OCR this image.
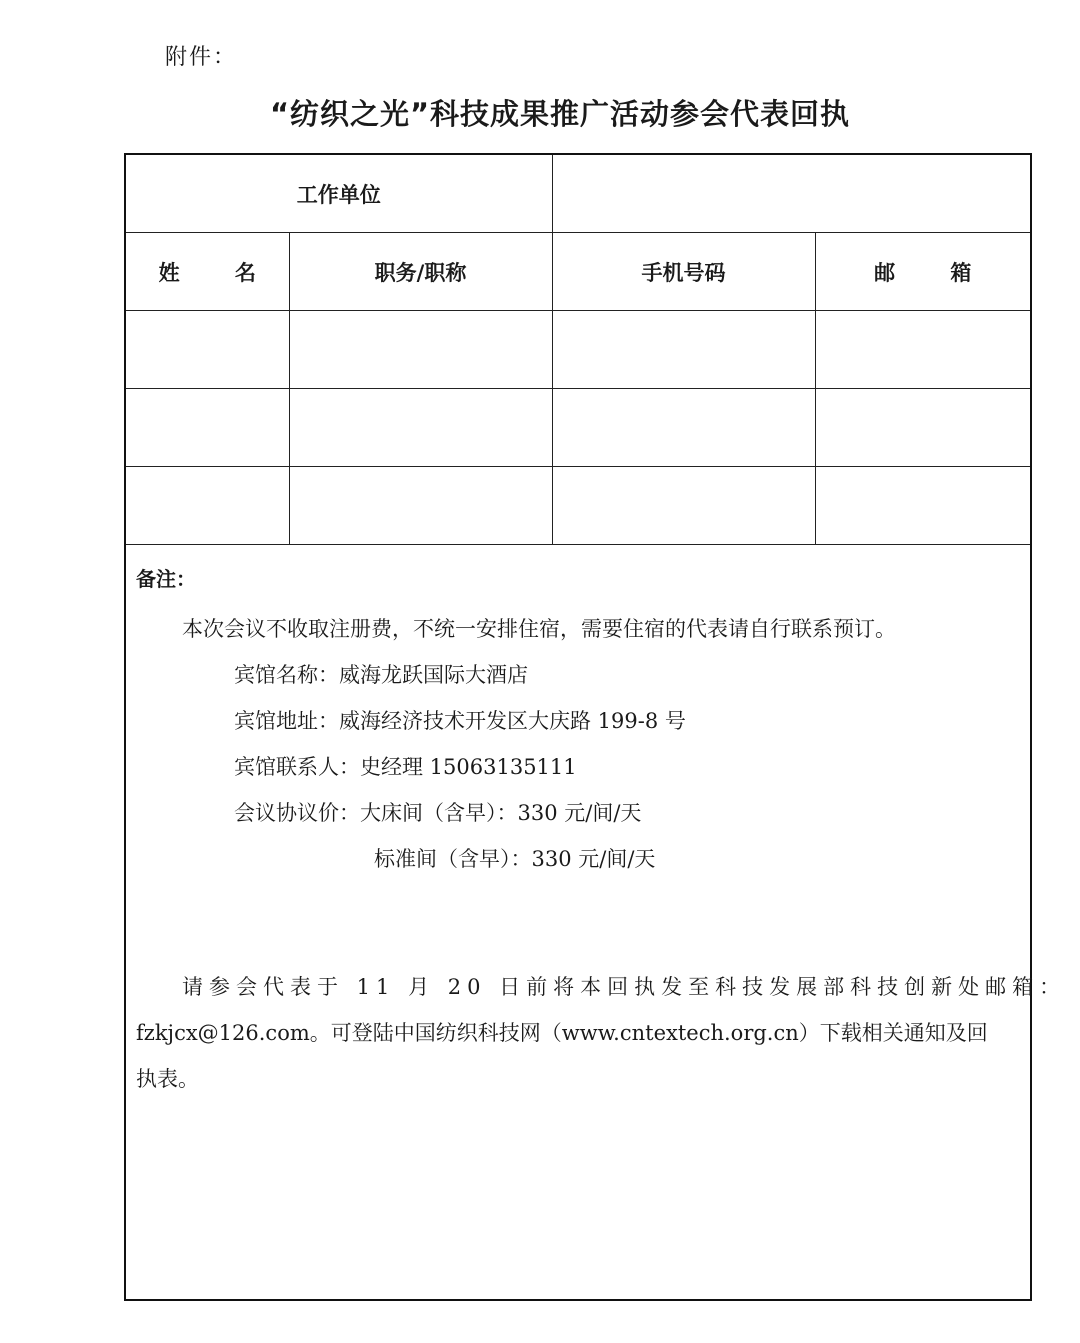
附件：
“纺织之光”科技成果推广活动参会代表回执
工作单位			
姓 名	职务/职称	手机号码	邮 箱

备注：

本次会议不收取注册费，不统一安排住宿，需要住宿的代表请自行联系预订。

宾馆名称：威海龙跃国际大酒店

宾馆地址：威海经济技术开发区大庆路 199-8 号

宾馆联系人：史经理 15063135111

会议协议价：大床间（含早）：330 元/间/天

标准间（含早）：330 元/间/天

请参会代表于 11 月 20 日前将本回执发至科技发展部科技创新处邮箱：

fzkjcx@126.com。可登陆中国纺织科技网（www.cntextech.org.cn）下载相关通知及回

执表。
